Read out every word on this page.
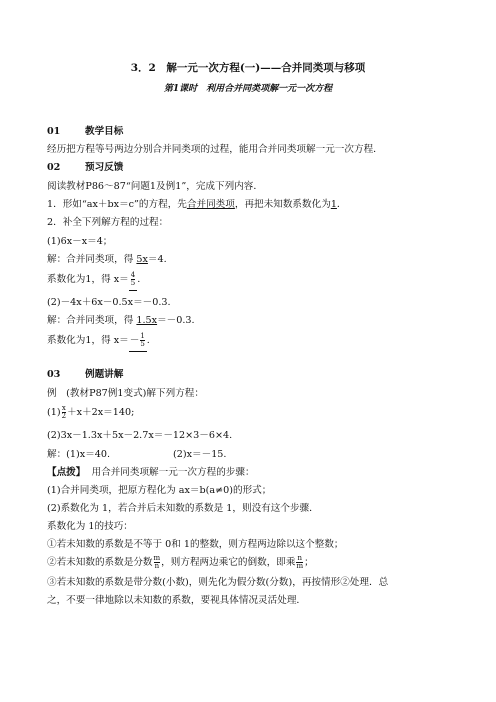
3．2　解一元一次方程(一)——合并同类项与移项
第1课时　利用合并同类项解一元一次方程
01	教学目标
经历把方程等号两边分别合并同类项的过程，能用合并同类项解一元一次方程．
02	预习反馈
阅读教材P86～87“问题1及例1”，完成下列内容．
1．形如“ax＋bx＝c”的方程，先合并同类项，再把未知数系数化为1．
2．补全下列解方程的过程：
(1)6x－x＝4；
解：合并同类项，得 5x＝4.
系数化为1，得 $x= \frac{4}{5}$ .
(2)－4x＋6x－0.5x＝－0.3.
解：合并同类项，得 1.5x＝－0.3.
系数化为1，得 $x=- \frac{1}{5}$ .
03	例题讲解
例　(教材P87例1变式)解下列方程：
$(1) \frac{x}{2} +x+2x=140$;
(2)3x－1.3x＋5x－2.7x＝－12×3－6×4.
解：(1)x＝40.	(2)x＝－15.
【点拨】 用合并同类项解一元一次方程的步骤：
(1)合并同类项，把原方程化为 ax＝b(a≠0)的形式；
(2)系数化为 1，若合并后未知数的系数是 1，则没有这个步骤．
系数化为 1的技巧：
①若未知数的系数是不等于 0和 1的整数，则方程两边除以这个整数；
②若未知数的系数是分数 $\frac{m}{n}$ ，则方程两边乘它的倒数，即乘 $\frac{n}{m}$ ；
③若未知数的系数是带分数(小数)，则先化为假分数(分数)，再按情形②处理．总
之，不要一律地除以未知数的系数，要视具体情况灵活处理．
